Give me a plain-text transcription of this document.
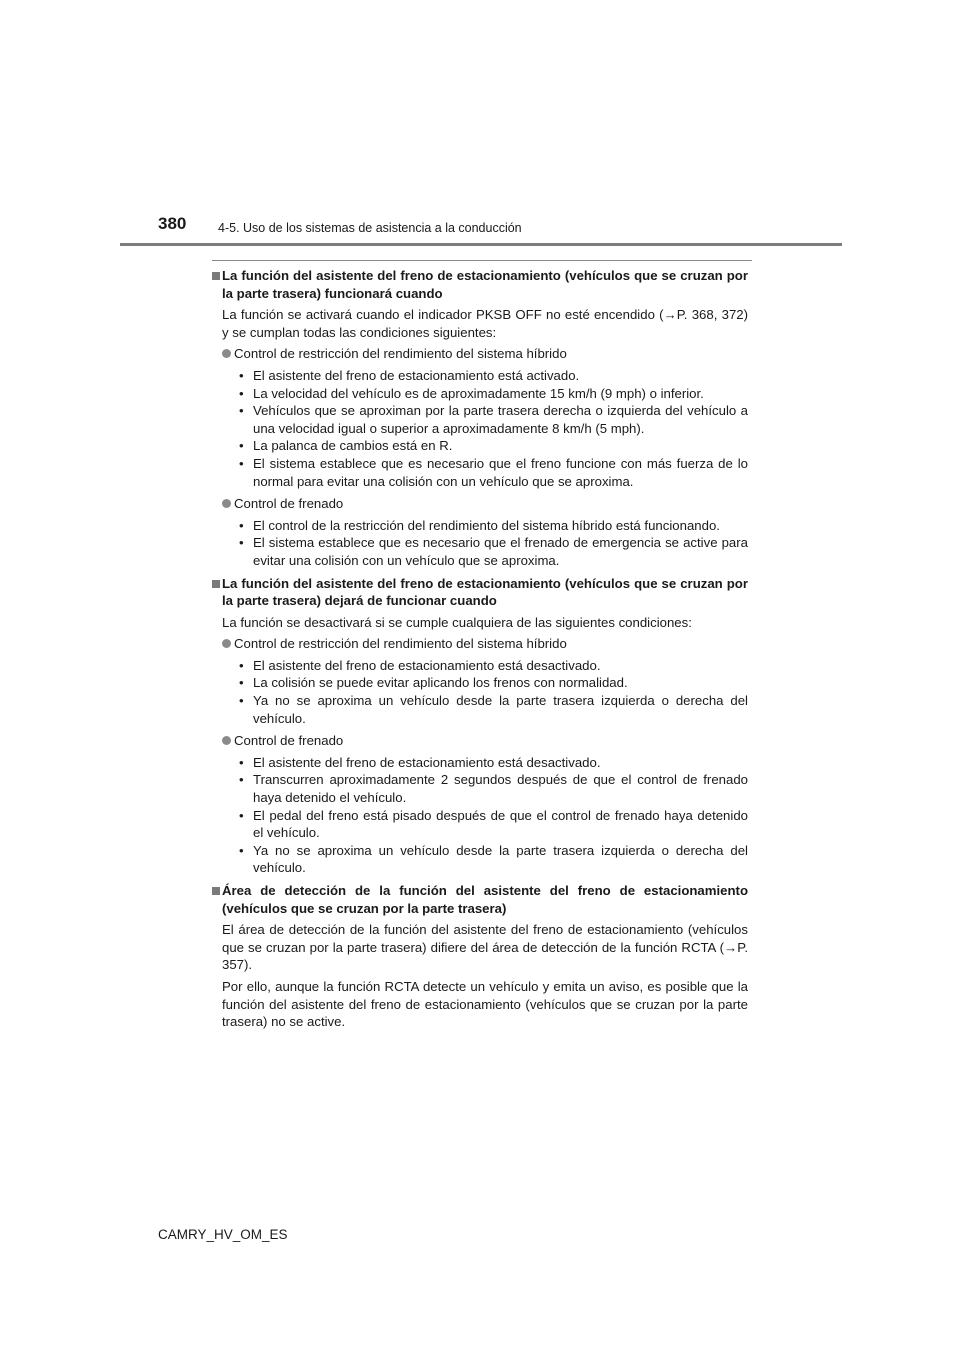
380	4-5. Uso de los sistemas de asistencia a la conducción
La función del asistente del freno de estacionamiento (vehículos que se cruzan por la parte trasera) funcionará cuando
La función se activará cuando el indicador PKSB OFF no esté encendido (→P. 368, 372) y se cumplan todas las condiciones siguientes:
Control de restricción del rendimiento del sistema híbrido
• El asistente del freno de estacionamiento está activado.
• La velocidad del vehículo es de aproximadamente 15 km/h (9 mph) o inferior.
• Vehículos que se aproximan por la parte trasera derecha o izquierda del vehículo a una velocidad igual o superior a aproximadamente 8 km/h (5 mph).
• La palanca de cambios está en R.
• El sistema establece que es necesario que el freno funcione con más fuerza de lo normal para evitar una colisión con un vehículo que se aproxima.
Control de frenado
• El control de la restricción del rendimiento del sistema híbrido está funcionando.
• El sistema establece que es necesario que el frenado de emergencia se active para evitar una colisión con un vehículo que se aproxima.
La función del asistente del freno de estacionamiento (vehículos que se cruzan por la parte trasera) dejará de funcionar cuando
La función se desactivará si se cumple cualquiera de las siguientes condiciones:
Control de restricción del rendimiento del sistema híbrido
• El asistente del freno de estacionamiento está desactivado.
• La colisión se puede evitar aplicando los frenos con normalidad.
• Ya no se aproxima un vehículo desde la parte trasera izquierda o derecha del vehículo.
Control de frenado
• El asistente del freno de estacionamiento está desactivado.
• Transcurren aproximadamente 2 segundos después de que el control de frenado haya detenido el vehículo.
• El pedal del freno está pisado después de que el control de frenado haya detenido el vehículo.
• Ya no se aproxima un vehículo desde la parte trasera izquierda o derecha del vehículo.
Área de detección de la función del asistente del freno de estacionamiento (vehículos que se cruzan por la parte trasera)
El área de detección de la función del asistente del freno de estacionamiento (vehículos que se cruzan por la parte trasera) difiere del área de detección de la función RCTA (→P. 357).
Por ello, aunque la función RCTA detecte un vehículo y emita un aviso, es posible que la función del asistente del freno de estacionamiento (vehículos que se cruzan por la parte trasera) no se active.
CAMRY_HV_OM_ES
